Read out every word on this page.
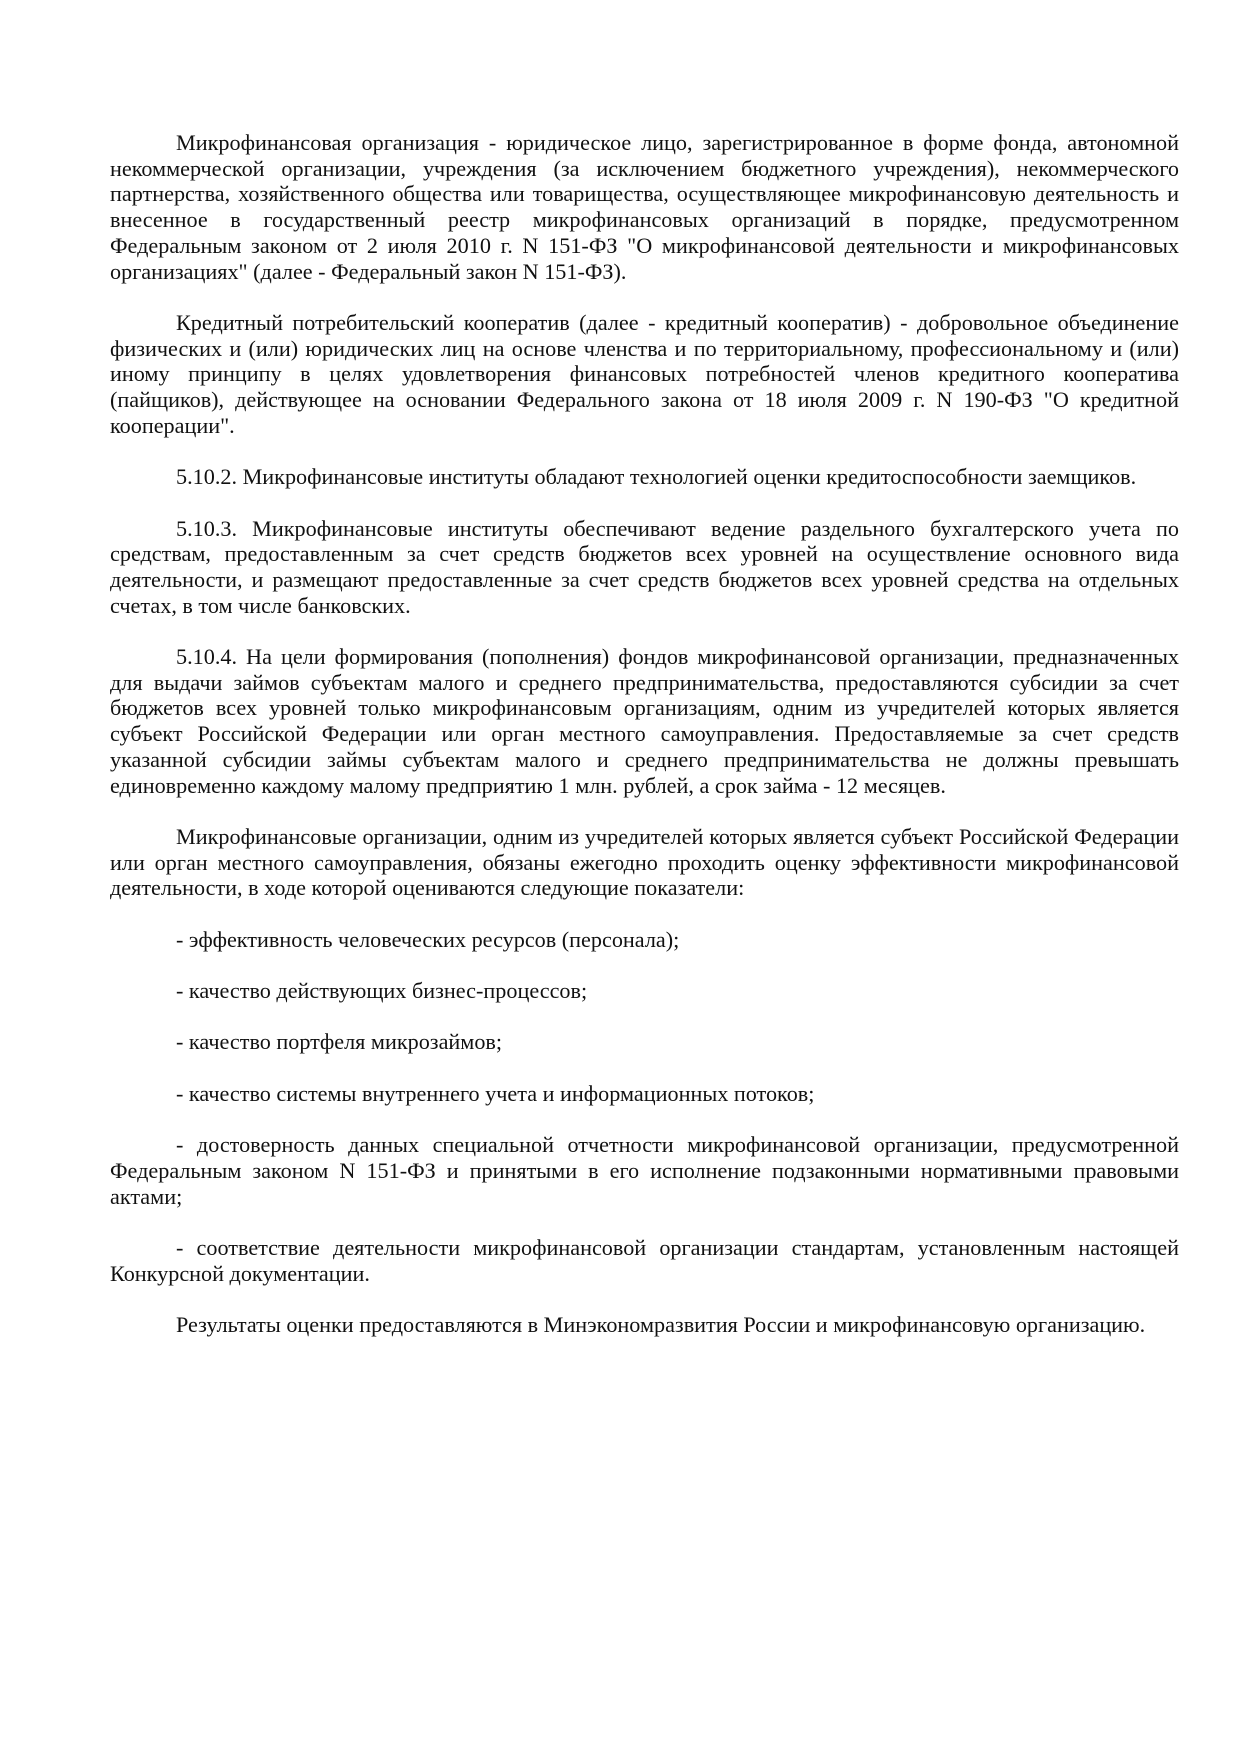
Микрофинансовая организация - юридическое лицо, зарегистрированное в форме фонда, автономной некоммерческой организации, учреждения (за исключением бюджетного учреждения), некоммерческого партнерства, хозяйственного общества или товарищества, осуществляющее микрофинансовую деятельность и внесенное в государственный реестр микрофинансовых организаций в порядке, предусмотренном Федеральным законом от 2 июля 2010 г. N 151-ФЗ "О микрофинансовой деятельности и микрофинансовых организациях" (далее - Федеральный закон N 151-ФЗ).

Кредитный потребительский кооператив (далее - кредитный кооператив) - добровольное объединение физических и (или) юридических лиц на основе членства и по территориальному, профессиональному и (или) иному принципу в целях удовлетворения финансовых потребностей членов кредитного кооператива (пайщиков), действующее на основании Федерального закона от 18 июля 2009 г. N 190-ФЗ "О кредитной кооперации".

5.10.2. Микрофинансовые институты обладают технологией оценки кредитоспособности заемщиков.

5.10.3. Микрофинансовые институты обеспечивают ведение раздельного бухгалтерского учета по средствам, предоставленным за счет средств бюджетов всех уровней на осуществление основного вида деятельности, и размещают предоставленные за счет средств бюджетов всех уровней средства на отдельных счетах, в том числе банковских.

5.10.4. На цели формирования (пополнения) фондов микрофинансовой организации, предназначенных для выдачи займов субъектам малого и среднего предпринимательства, предоставляются субсидии за счет бюджетов всех уровней только микрофинансовым организациям, одним из учредителей которых является субъект Российской Федерации или орган местного самоуправления. Предоставляемые за счет средств указанной субсидии займы субъектам малого и среднего предпринимательства не должны превышать единовременно каждому малому предприятию 1 млн. рублей, а срок займа - 12 месяцев.

Микрофинансовые организации, одним из учредителей которых является субъект Российской Федерации или орган местного самоуправления, обязаны ежегодно проходить оценку эффективности микрофинансовой деятельности, в ходе которой оцениваются следующие показатели:

- эффективность человеческих ресурсов (персонала);

- качество действующих бизнес-процессов;

- качество портфеля микрозаймов;

- качество системы внутреннего учета и информационных потоков;

- достоверность данных специальной отчетности микрофинансовой организации, предусмотренной Федеральным законом N 151-ФЗ и принятыми в его исполнение подзаконными нормативными правовыми актами;

- соответствие деятельности микрофинансовой организации стандартам, установленным настоящей Конкурсной документации.

Результаты оценки предоставляются в Минэкономразвития России и микрофинансовую организацию.
